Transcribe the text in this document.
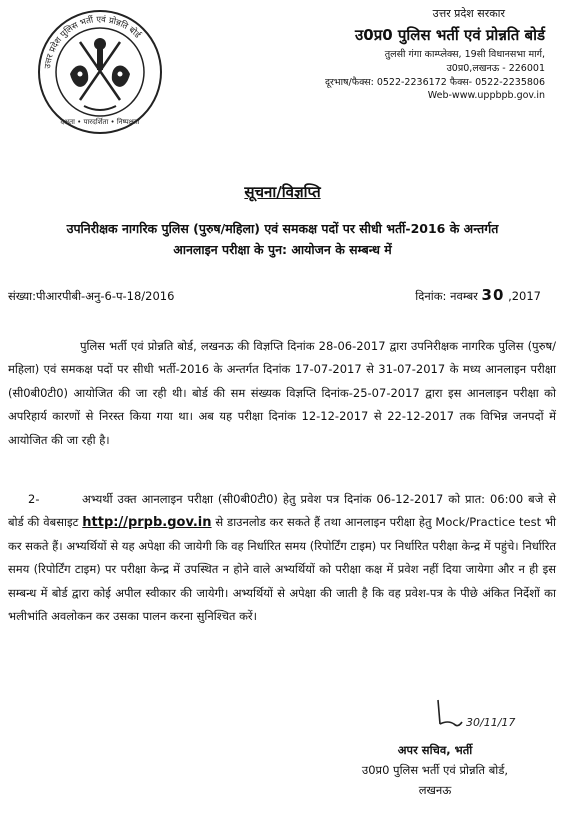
उत्तर प्रदेश पुलिस भर्ती एवं प्रोन्नति बोर्ड
दक्षता • पारदर्शिता • निष्पक्षता
उत्तर प्रदेश सरकार
उ0प्र0 पुलिस भर्ती एवं प्रोन्नति बोर्ड
तुलसी गंगा काम्प्लेक्स, 19सी विधानसभा मार्ग,
उ0प्र0,लखनऊ - 226001
दूरभाष/फैक्स: 0522-2236172 फैक्स- 0522-2235806
Web-www.uppbpb.gov.in
सूचना/विज्ञप्ति
उपनिरीक्षक नागरिक पुलिस (पुरुष/महिला) एवं समकक्ष पदों पर सीधी भर्ती-2016 के अन्तर्गत
आनलाइन परीक्षा के पुन: आयोजन के सम्बन्ध में
संख्या:पीआरपीबी-अनु-6-प-18/2016	दिनांक: नवम्बर 30 ,2017
पुलिस भर्ती एवं प्रोन्नति बोर्ड, लखनऊ की विज्ञप्ति दिनांक 28-06-2017 द्वारा उपनिरीक्षक नागरिक पुलिस (पुरुष/महिला) एवं समकक्ष पदों पर सीधी भर्ती-2016 के अन्तर्गत दिनांक 17-07-2017 से 31-07-2017 के मध्य आनलाइन परीक्षा (सी0बी0टी0) आयोजित की जा रही थी। बोर्ड की सम संख्यक विज्ञप्ति दिनांक-25-07-2017 द्वारा इस आनलाइन परीक्षा को अपरिहार्य कारणों से निरस्त किया गया था। अब यह परीक्षा दिनांक 12-12-2017 से 22-12-2017 तक विभिन्न जनपदों में आयोजित की जा रही है।
2-	अभ्यर्थी उक्त आनलाइन परीक्षा (सी0बी0टी0) हेतु प्रवेश पत्र दिनांक 06-12-2017 को प्रात: 06:00 बजे से बोर्ड की वेबसाइट http://prpb.gov.in से डाउनलोड कर सकते हैं तथा आनलाइन परीक्षा हेतु Mock/Practice test भी कर सकते हैं। अभ्यर्थियों से यह अपेक्षा की जायेगी कि वह निर्धारित समय (रिपोर्टिंग टाइम) पर निर्धारित परीक्षा केन्द्र में पहुंचे। निर्धारित समय (रिपोर्टिंग टाइम) पर परीक्षा केन्द्र में उपस्थित न होने वाले अभ्यर्थियों को परीक्षा कक्ष में प्रवेश नहीं दिया जायेगा और न ही इस सम्बन्ध में बोर्ड द्वारा कोई अपील स्वीकार की जायेगी। अभ्यर्थियों से अपेक्षा की जाती है कि वह प्रवेश-पत्र के पीछे अंकित निर्देशों का भलीभांति अवलोकन कर उसका पालन करना सुनिश्चित करें।
30/11/17
अपर सचिव, भर्ती
उ0प्र0 पुलिस भर्ती एवं प्रोन्नति बोर्ड,
लखनऊ
